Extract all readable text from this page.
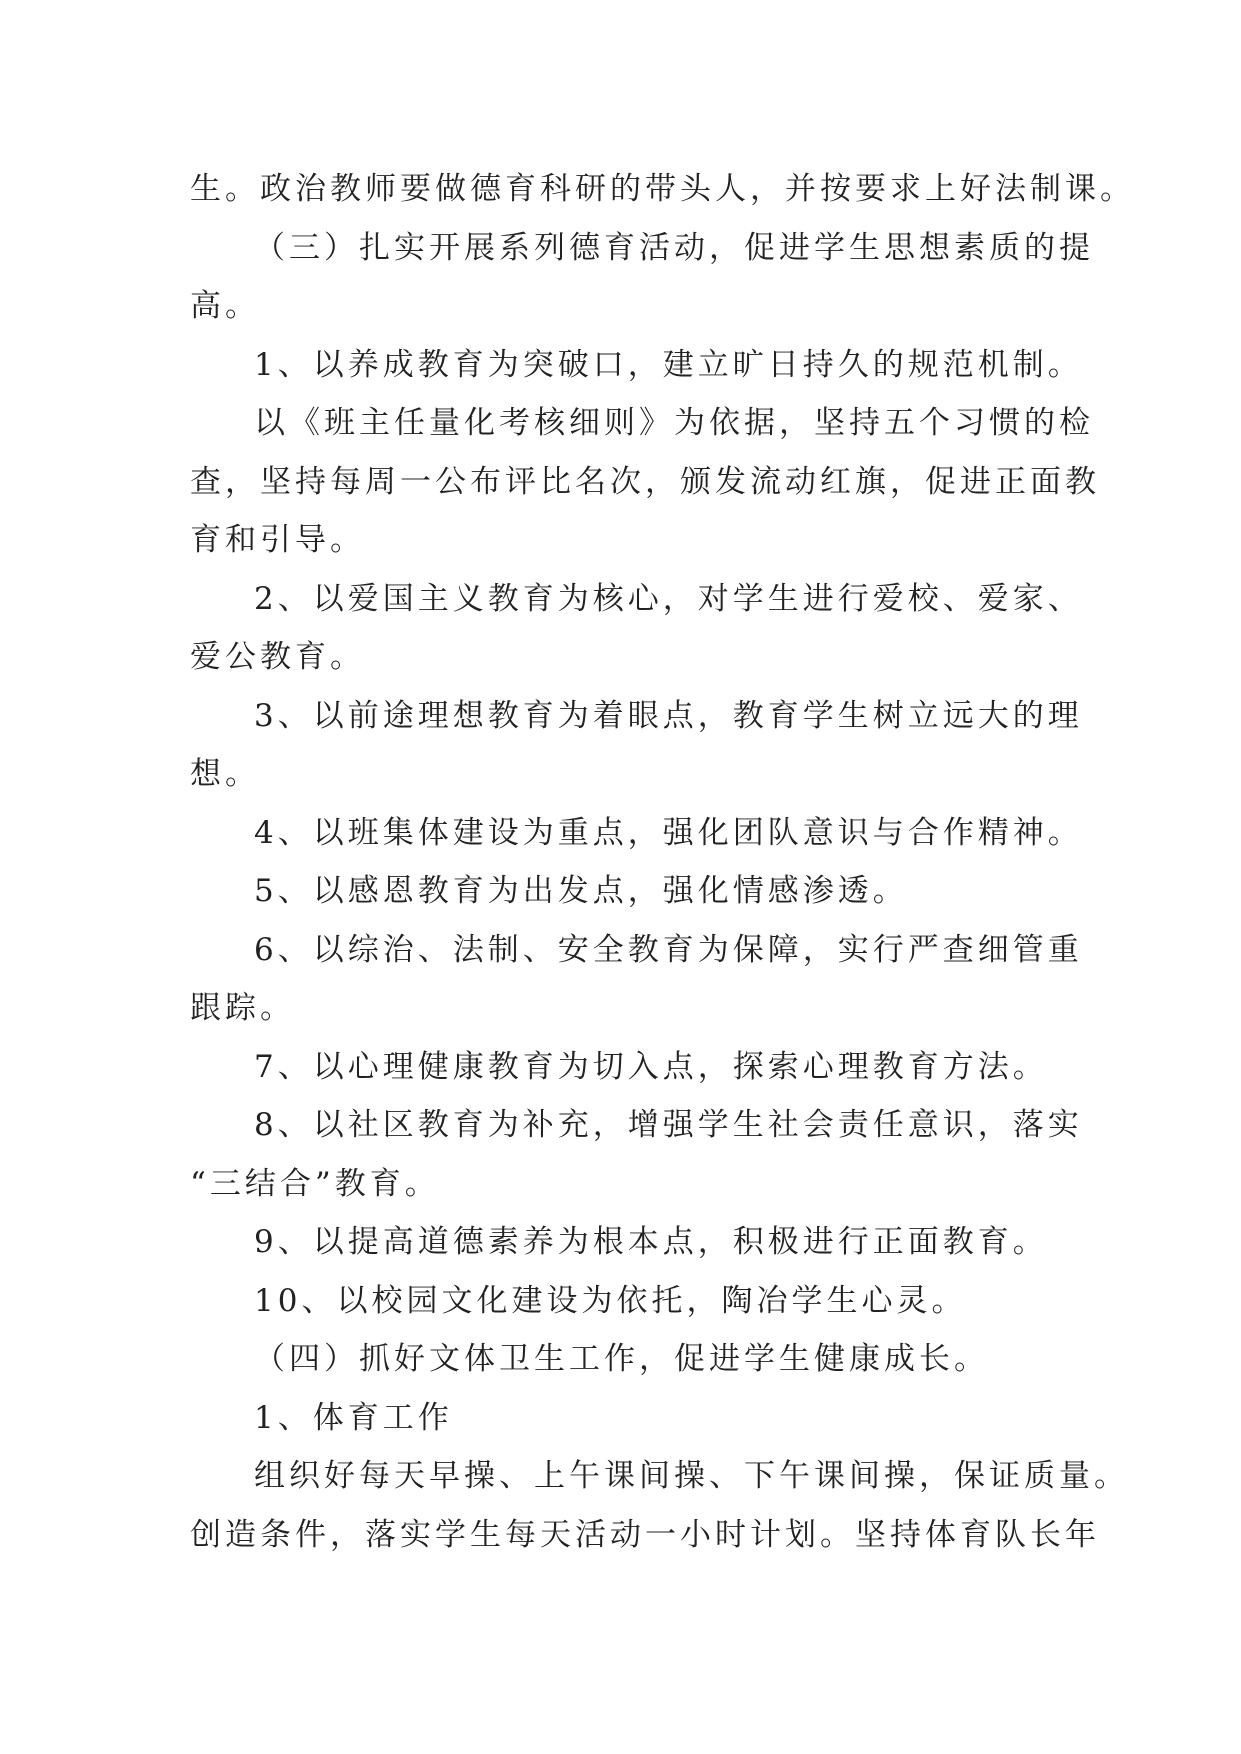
生。政治教师要做德育科研的带头人，并按要求上好法制课。
（三）扎实开展系列德育活动，促进学生思想素质的提
高。
1、以养成教育为突破口，建立旷日持久的规范机制。
以《班主任量化考核细则》为依据，坚持五个习惯的检
查，坚持每周一公布评比名次，颁发流动红旗，促进正面教
育和引导。
2、以爱国主义教育为核心，对学生进行爱校、爱家、
爱公教育。
3、以前途理想教育为着眼点，教育学生树立远大的理
想。
4、以班集体建设为重点，强化团队意识与合作精神。
5、以感恩教育为出发点，强化情感渗透。
6、以综治、法制、安全教育为保障，实行严查细管重
跟踪。
7、以心理健康教育为切入点，探索心理教育方法。
8、以社区教育为补充，增强学生社会责任意识，落实
“三结合”教育。
9、以提高道德素养为根本点，积极进行正面教育。
10、以校园文化建设为依托，陶冶学生心灵。
（四）抓好文体卫生工作，促进学生健康成长。
1、体育工作
组织好每天早操、上午课间操、下午课间操，保证质量。
创造条件，落实学生每天活动一小时计划。坚持体育队长年
